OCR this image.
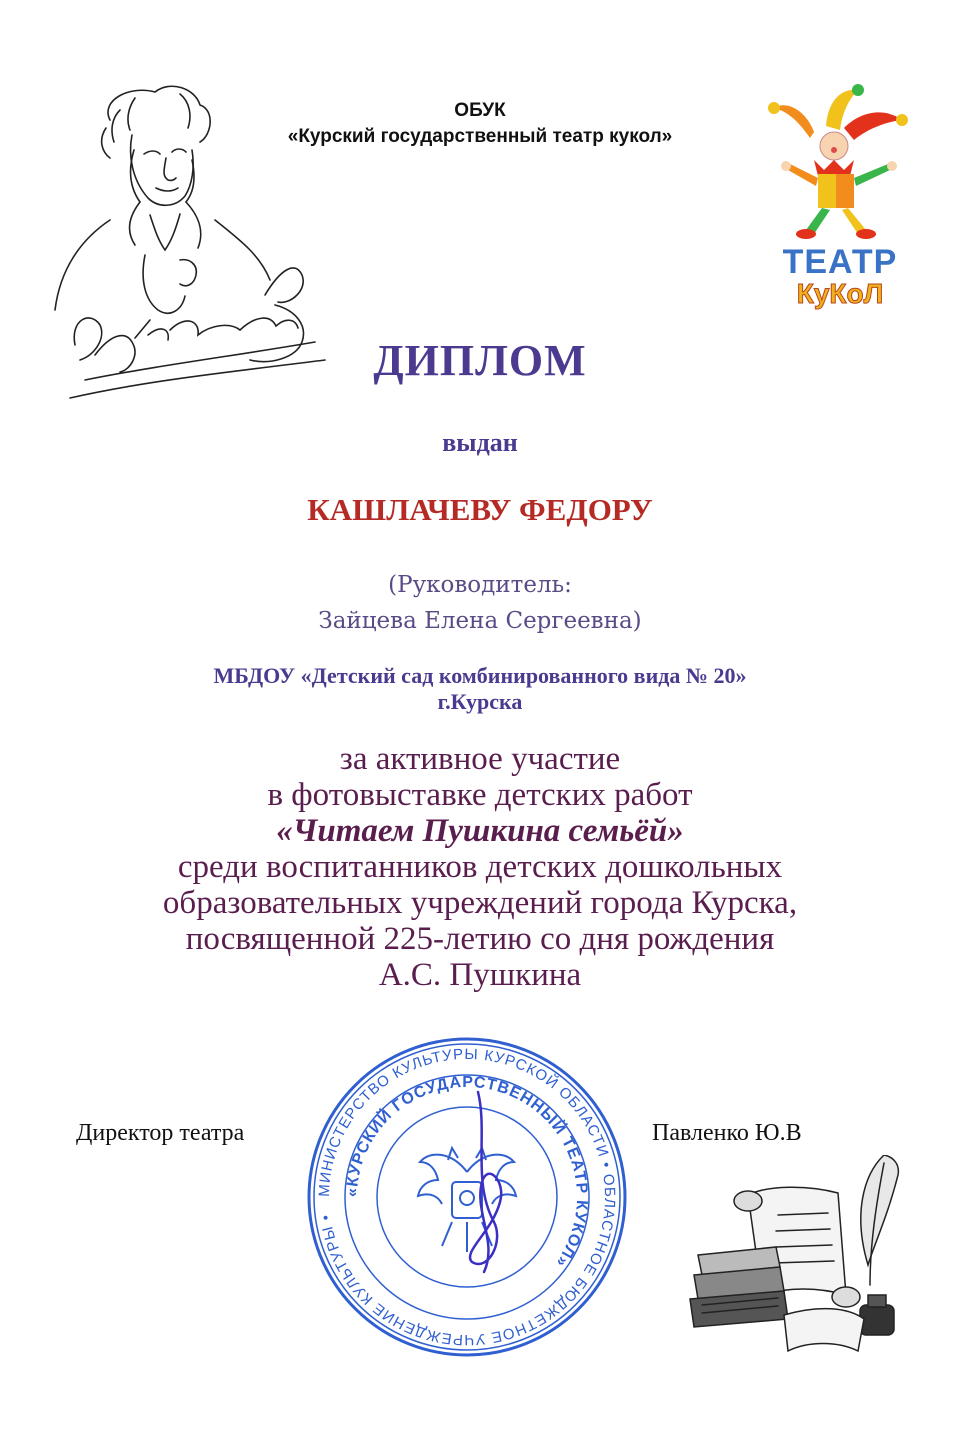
ОБУК
«Курский государственный театр кукол»
ТЕАТР
КуКоЛ
ДИПЛОМ
выдан
КАШЛАЧЕВУ ФЕДОРУ
(Руководитель:
Зайцева Елена Сергеевна)
МБДОУ «Детский сад комбинированного вида № 20»
г.Курска
за активное участие
в фотовыставке детских работ
«Читаем Пушкина семьёй»
среди воспитанников детских дошкольных
образовательных учреждений города Курска,
посвященной 225-летию со дня рождения
А.С. Пушкина
МИНИСТЕРСТВО КУЛЬТУРЫ КУРСКОЙ ОБЛАСТИ • ОБЛАСТНОЕ БЮДЖЕТНОЕ УЧРЕЖДЕНИЕ КУЛЬТУРЫ •
«КУРСКИЙ ГОСУДАРСТВЕННЫЙ ТЕАТР КУКОЛ»
Директор театра	Павленко Ю.В
